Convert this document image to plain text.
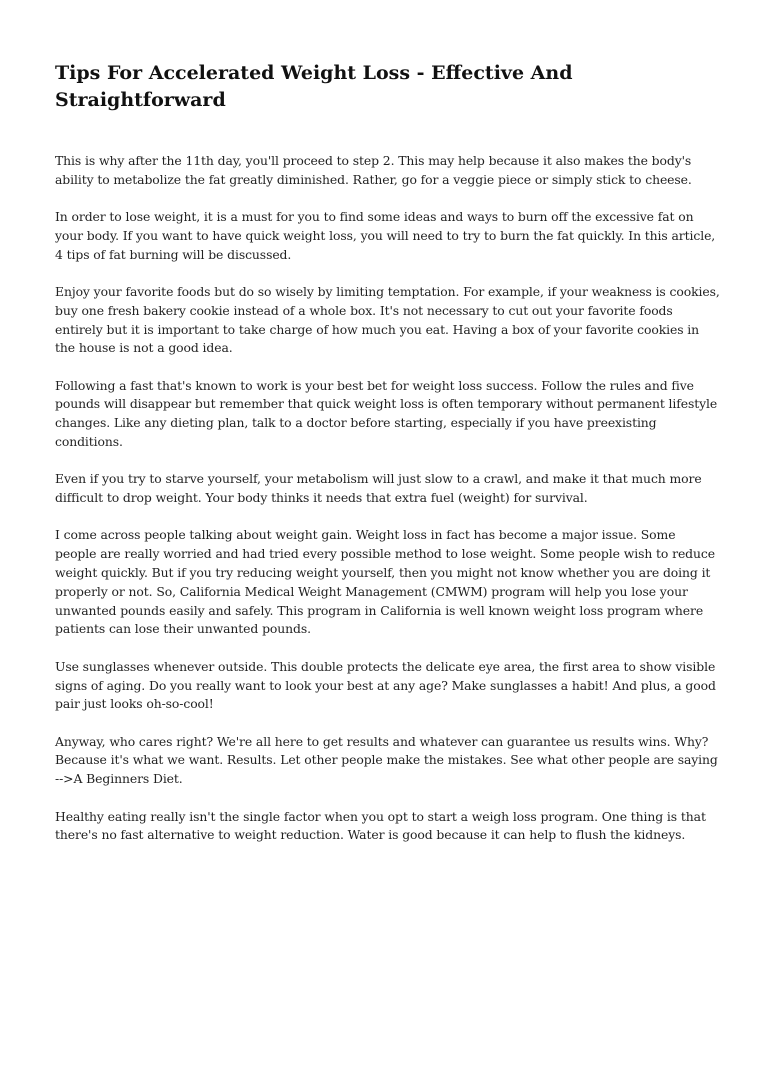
Tips For Accelerated Weight Loss - Effective And Straightforward

This is why after the 11th day, you'll proceed to step 2. This may help because it also makes the body's ability to metabolize the fat greatly diminished. Rather, go for a veggie piece or simply stick to cheese.

In order to lose weight, it is a must for you to find some ideas and ways to burn off the excessive fat on your body. If you want to have quick weight loss, you will need to try to burn the fat quickly. In this article, 4 tips of fat burning will be discussed.

Enjoy your favorite foods but do so wisely by limiting temptation. For example, if your weakness is cookies, buy one fresh bakery cookie instead of a whole box. It's not necessary to cut out your favorite foods entirely but it is important to take charge of how much you eat. Having a box of your favorite cookies in the house is not a good idea.

Following a fast that's known to work is your best bet for weight loss success. Follow the rules and five pounds will disappear but remember that quick weight loss is often temporary without permanent lifestyle changes. Like any dieting plan, talk to a doctor before starting, especially if you have preexisting conditions.

Even if you try to starve yourself, your metabolism will just slow to a crawl, and make it that much more difficult to drop weight. Your body thinks it needs that extra fuel (weight) for survival.

I come across people talking about weight gain. Weight loss in fact has become a major issue. Some people are really worried and had tried every possible method to lose weight. Some people wish to reduce weight quickly. But if you try reducing weight yourself, then you might not know whether you are doing it properly or not. So, California Medical Weight Management (CMWM) program will help you lose your unwanted pounds easily and safely. This program in California is well known weight loss program where patients can lose their unwanted pounds.

Use sunglasses whenever outside. This double protects the delicate eye area, the first area to show visible signs of aging. Do you really want to look your best at any age? Make sunglasses a habit! And plus, a good pair just looks oh-so-cool!

Anyway, who cares right? We're all here to get results and whatever can guarantee us results wins. Why? Because it's what we want. Results. Let other people make the mistakes. See what other people are saying -->A Beginners Diet.

Healthy eating really isn't the single factor when you opt to start a weigh loss program. One thing is that there's no fast alternative to weight reduction. Water is good because it can help to flush the kidneys.
